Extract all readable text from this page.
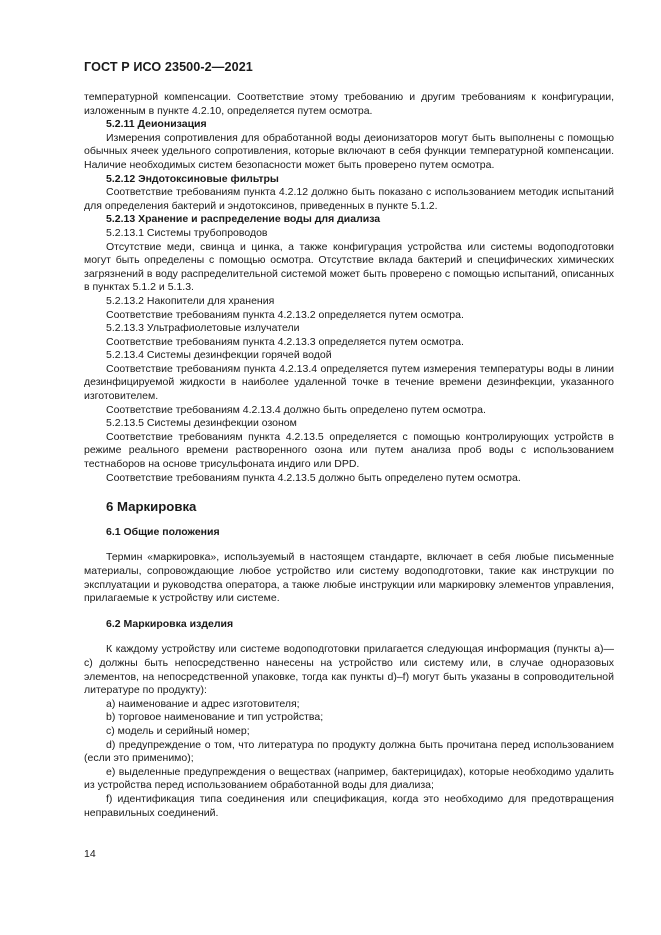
ГОСТ Р ИСО 23500-2—2021

температурной компенсации. Соответствие этому требованию и другим требованиям к конфигурации, изложенным в пункте 4.2.10, определяется путем осмотра.

5.2.11 Деионизация

Измерения сопротивления для обработанной воды деионизаторов могут быть выполнены с помощью обычных ячеек удельного сопротивления, которые включают в себя функции температурной компенсации. Наличие необходимых систем безопасности может быть проверено путем осмотра.

5.2.12 Эндотоксиновые фильтры

Соответствие требованиям пункта 4.2.12 должно быть показано с использованием методик испытаний для определения бактерий и эндотоксинов, приведенных в пункте 5.1.2.

5.2.13 Хранение и распределение воды для диализа

5.2.13.1 Системы трубопроводов

Отсутствие меди, свинца и цинка, а также конфигурация устройства или системы водоподготовки могут быть определены с помощью осмотра. Отсутствие вклада бактерий и специфических химических загрязнений в воду распределительной системой может быть проверено с помощью испытаний, описанных в пунктах 5.1.2 и 5.1.3.

5.2.13.2 Накопители для хранения

Соответствие требованиям пункта 4.2.13.2 определяется путем осмотра.

5.2.13.3 Ультрафиолетовые излучатели

Соответствие требованиям пункта 4.2.13.3 определяется путем осмотра.

5.2.13.4 Системы дезинфекции горячей водой

Соответствие требованиям пункта 4.2.13.4 определяется путем измерения температуры воды в линии дезинфицируемой жидкости в наиболее удаленной точке в течение времени дезинфекции, указанного изготовителем.

Соответствие требованиям 4.2.13.4 должно быть определено путем осмотра.

5.2.13.5 Системы дезинфекции озоном

Соответствие требованиям пункта 4.2.13.5 определяется с помощью контролирующих устройств в режиме реального времени растворенного озона или путем анализа проб воды с использованием тестнаборов на основе трисульфоната индиго или DPD.

Соответствие требованиям пункта 4.2.13.5 должно быть определено путем осмотра.

6 Маркировка

6.1 Общие положения

Термин «маркировка», используемый в настоящем стандарте, включает в себя любые письменные материалы, сопровождающие любое устройство или систему водоподготовки, такие как инструкции по эксплуатации и руководства оператора, а также любые инструкции или маркировку элементов управления, прилагаемые к устройству или системе.

6.2 Маркировка изделия

К каждому устройству или системе водоподготовки прилагается следующая информация (пункты а)—с) должны быть непосредственно нанесены на устройство или систему или, в случае одноразовых элементов, на непосредственной упаковке, тогда как пункты d)–f) могут быть указаны в сопроводительной литературе по продукту):

a) наименование и адрес изготовителя;

b) торговое наименование и тип устройства;

c) модель и серийный номер;

d) предупреждение о том, что литература по продукту должна быть прочитана перед использованием (если это применимо);

e) выделенные предупреждения о веществах (например, бактерицидах), которые необходимо удалить из устройства перед использованием обработанной воды для диализа;

f) идентификация типа соединения или спецификация, когда это необходимо для предотвращения неправильных соединений.

14
